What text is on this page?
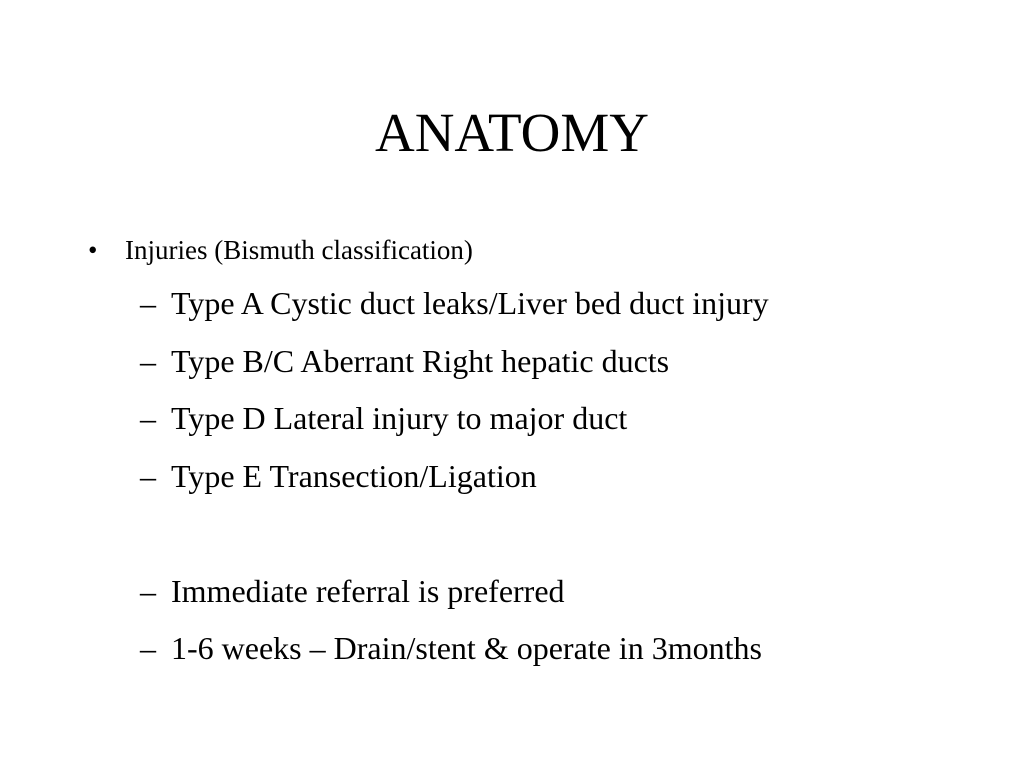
ANATOMY
• Injuries (Bismuth classification)
– Type A Cystic duct leaks/Liver bed duct injury
– Type B/C Aberrant Right hepatic ducts
– Type D Lateral injury to major duct
– Type E Transection/Ligation
– Immediate referral is preferred
– 1-6 weeks – Drain/stent & operate in 3months
